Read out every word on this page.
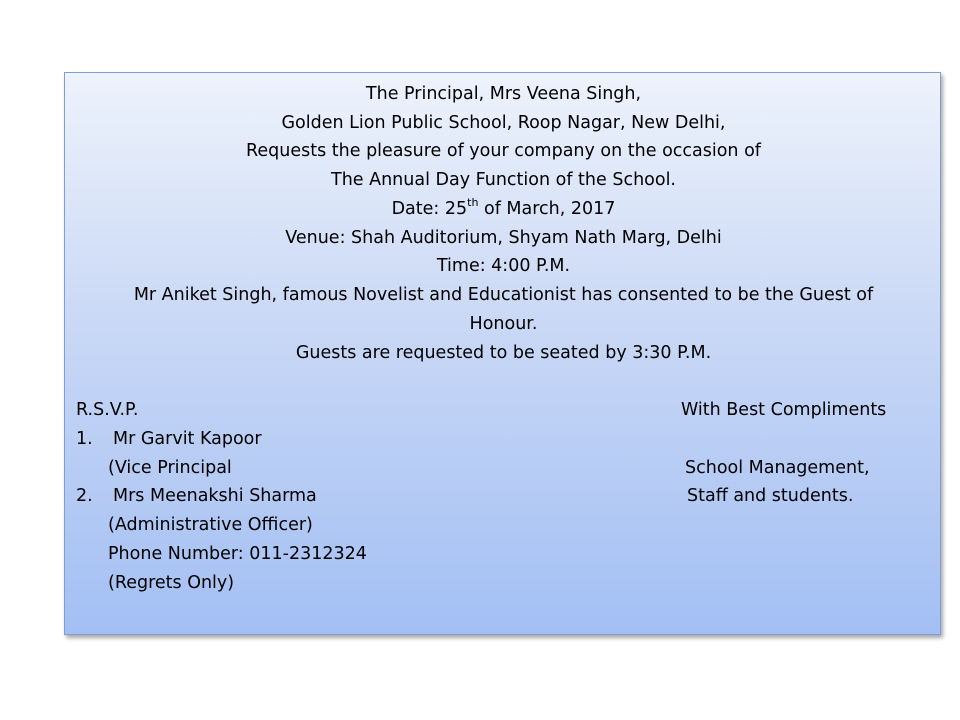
The Principal, Mrs Veena Singh,
Golden Lion Public School, Roop Nagar, New Delhi,
Requests the pleasure of your company on the occasion of
The Annual Day Function of the School.
Date: 25th of March, 2017
Venue: Shah Auditorium, Shyam Nath Marg, Delhi
Time: 4:00 P.M.
Mr Aniket Singh, famous Novelist and Educationist has consented to be the Guest of
Honour.
Guests are requested to be seated by 3:30 P.M.
R.S.V.P.
1. Mr Garvit Kapoor
(Vice Principal
2. Mrs Meenakshi Sharma
(Administrative Officer)
Phone Number: 011-2312324
(Regrets Only)
With Best Compliments
School Management,
Staff and students.
